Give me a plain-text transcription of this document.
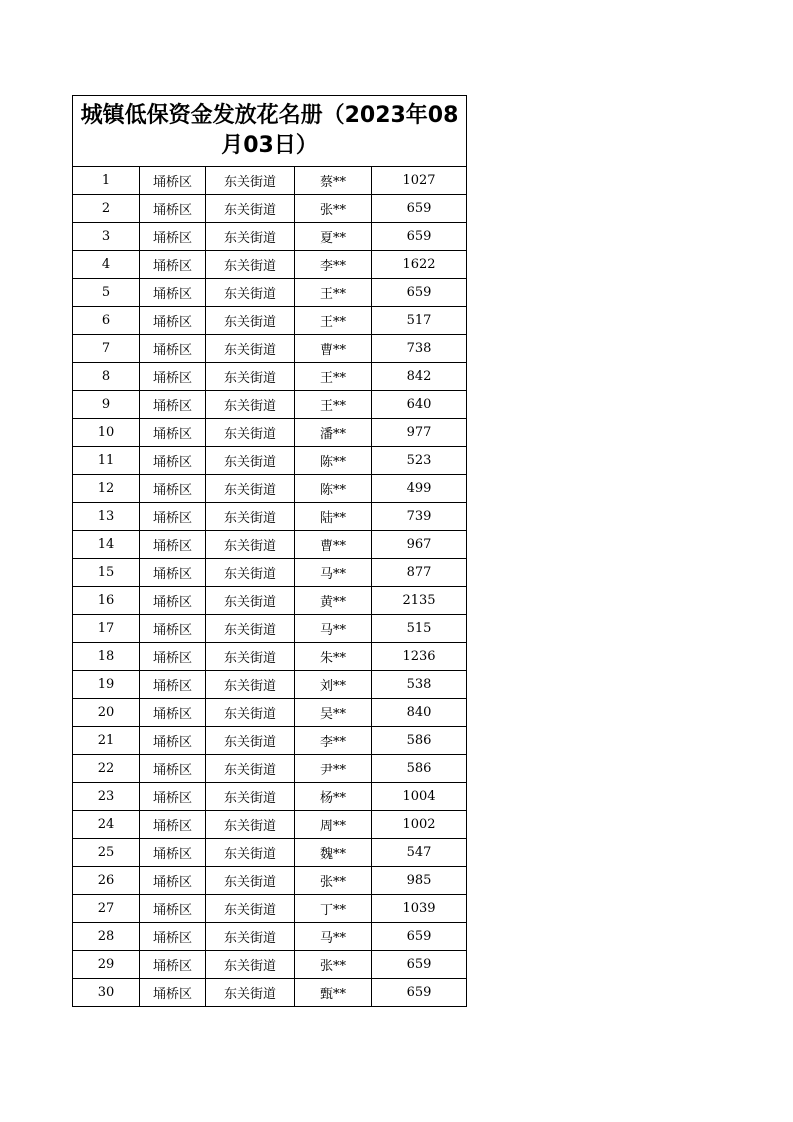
城镇低保资金发放花名册（2023年08月03日）				
1	埇桥区	东关街道	蔡**	1027
2	埇桥区	东关街道	张**	659
3	埇桥区	东关街道	夏**	659
4	埇桥区	东关街道	李**	1622
5	埇桥区	东关街道	王**	659
6	埇桥区	东关街道	王**	517
7	埇桥区	东关街道	曹**	738
8	埇桥区	东关街道	王**	842
9	埇桥区	东关街道	王**	640
10	埇桥区	东关街道	潘**	977
11	埇桥区	东关街道	陈**	523
12	埇桥区	东关街道	陈**	499
13	埇桥区	东关街道	陆**	739
14	埇桥区	东关街道	曹**	967
15	埇桥区	东关街道	马**	877
16	埇桥区	东关街道	黄**	2135
17	埇桥区	东关街道	马**	515
18	埇桥区	东关街道	朱**	1236
19	埇桥区	东关街道	刘**	538
20	埇桥区	东关街道	吴**	840
21	埇桥区	东关街道	李**	586
22	埇桥区	东关街道	尹**	586
23	埇桥区	东关街道	杨**	1004
24	埇桥区	东关街道	周**	1002
25	埇桥区	东关街道	魏**	547
26	埇桥区	东关街道	张**	985
27	埇桥区	东关街道	丁**	1039
28	埇桥区	东关街道	马**	659
29	埇桥区	东关街道	张**	659
30	埇桥区	东关街道	甄**	659
